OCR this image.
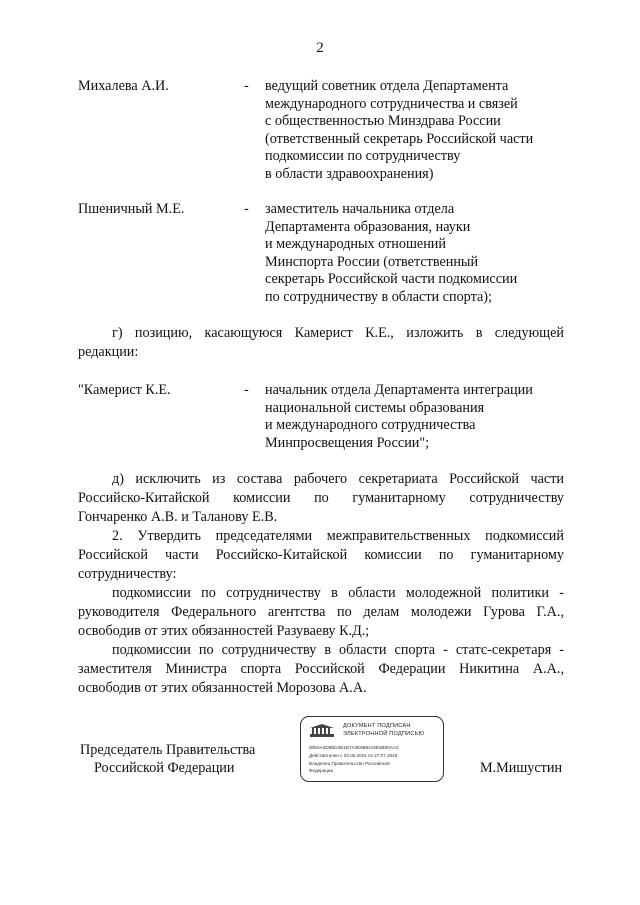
2
Михалева А.И.	- ведущий советник отдела Департамента
международного сотрудничества и связей
с общественностью Минздрава России
(ответственный секретарь Российской части
подкомиссии по сотрудничеству
в области здравоохранения)
Пшеничный М.Е.	- заместитель начальника отдела
Департамента образования, науки
и международных отношений
Минспорта России (ответственный
секретарь Российской части подкомиссии
по сотрудничеству в области спорта);
г) позицию, касающуюся Камерист К.Е., изложить в следующей
редакции:
"Камерист К.Е.	- начальник отдела Департамента интеграции
национальной системы образования
и международного сотрудничества
Минпросвещения России";
д) исключить из состава рабочего секретариата Российской части
Российско-Китайской комиссии по гуманитарному сотрудничеству
Гончаренко А.В. и Таланову Е.В.
2. Утвердить председателями межправительственных подкомиссий
Российской части Российско-Китайской комиссии по гуманитарному
сотрудничеству:
подкомиссии по сотрудничеству в области молодежной политики -
руководителя Федерального агентства по делам молодежи Гурова Г.А.,
освободив от этих обязанностей Разуваеву К.Д.;
подкомиссии по сотрудничеству в области спорта - статс-секретаря -
заместителя Министра спорта Российской Федерации Никитина А.А.,
освободив от этих обязанностей Морозова А.А.
Председатель Правительства
Российской Федерации	М.Мишустин
ДОКУМЕНТ ПОДПИСАН
ЭЛЕКТРОННОЙ ПОДПИСЬЮ
00E5A3D8BD2B1B7A3E8B9216E9B00AAC
Действителен с 03.05.2024 по 27.07.2025
Владелец Правительство Российской
Федерации
